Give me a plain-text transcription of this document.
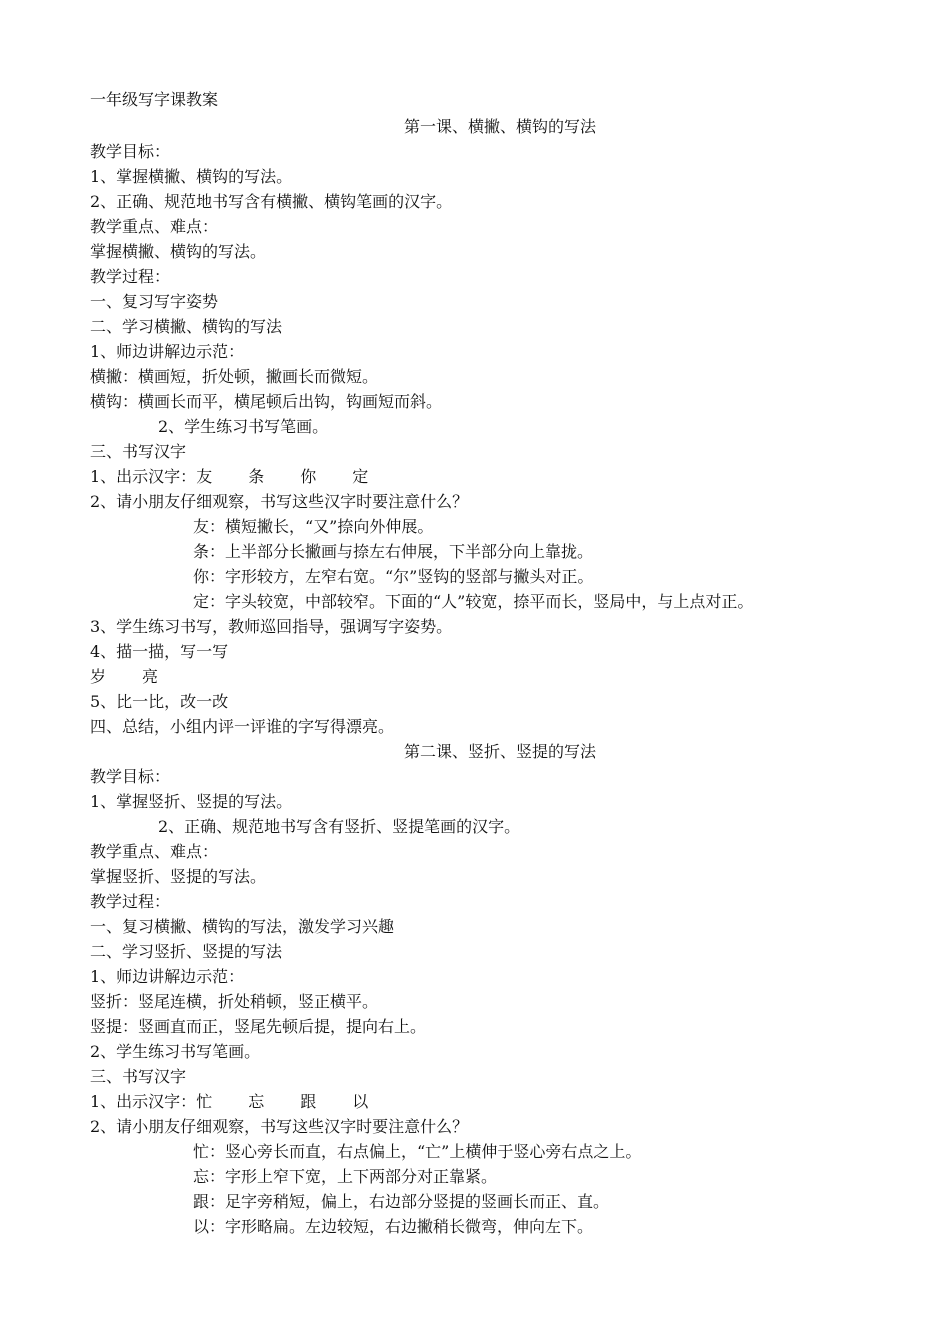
一年级写字课教案
第一课、横撇、横钩的写法
教学目标：
1、掌握横撇、横钩的写法。
2、正确、规范地书写含有横撇、横钩笔画的汉字。
教学重点、难点：
掌握横撇、横钩的写法。
教学过程：
一、复习写字姿势
二、学习横撇、横钩的写法
1、师边讲解边示范：
横撇：横画短，折处顿，撇画长而微短。
横钩：横画长而平，横尾顿后出钩，钩画短而斜。
2、学生练习书写笔画。
三、书写汉字
1、出示汉字：友 条 你 定
2、请小朋友仔细观察，书写这些汉字时要注意什么？
友：横短撇长，“又”捺向外伸展。
条：上半部分长撇画与捺左右伸展，下半部分向上靠拢。
你：字形较方，左窄右宽。“尔”竖钩的竖部与撇头对正。
定：字头较宽，中部较窄。下面的“人”较宽，捺平而长，竖局中，与上点对正。
3、学生练习书写，教师巡回指导，强调写字姿势。
4、描一描，写一写
岁 亮
5、比一比，改一改
四、总结，小组内评一评谁的字写得漂亮。
第二课、竖折、竖提的写法
教学目标：
1、掌握竖折、竖提的写法。
2、正确、规范地书写含有竖折、竖提笔画的汉字。
教学重点、难点：
掌握竖折、竖提的写法。
教学过程：
一、复习横撇、横钩的写法，激发学习兴趣
二、学习竖折、竖提的写法
1、师边讲解边示范：
竖折：竖尾连横，折处稍顿，竖正横平。
竖提：竖画直而正，竖尾先顿后提，提向右上。
2、学生练习书写笔画。
三、书写汉字
1、出示汉字：忙 忘 跟 以
2、请小朋友仔细观察，书写这些汉字时要注意什么？
忙：竖心旁长而直，右点偏上，“亡”上横伸于竖心旁右点之上。
忘：字形上窄下宽，上下两部分对正靠紧。
跟：足字旁稍短，偏上，右边部分竖提的竖画长而正、直。
以：字形略扁。左边较短，右边撇稍长微弯，伸向左下。
